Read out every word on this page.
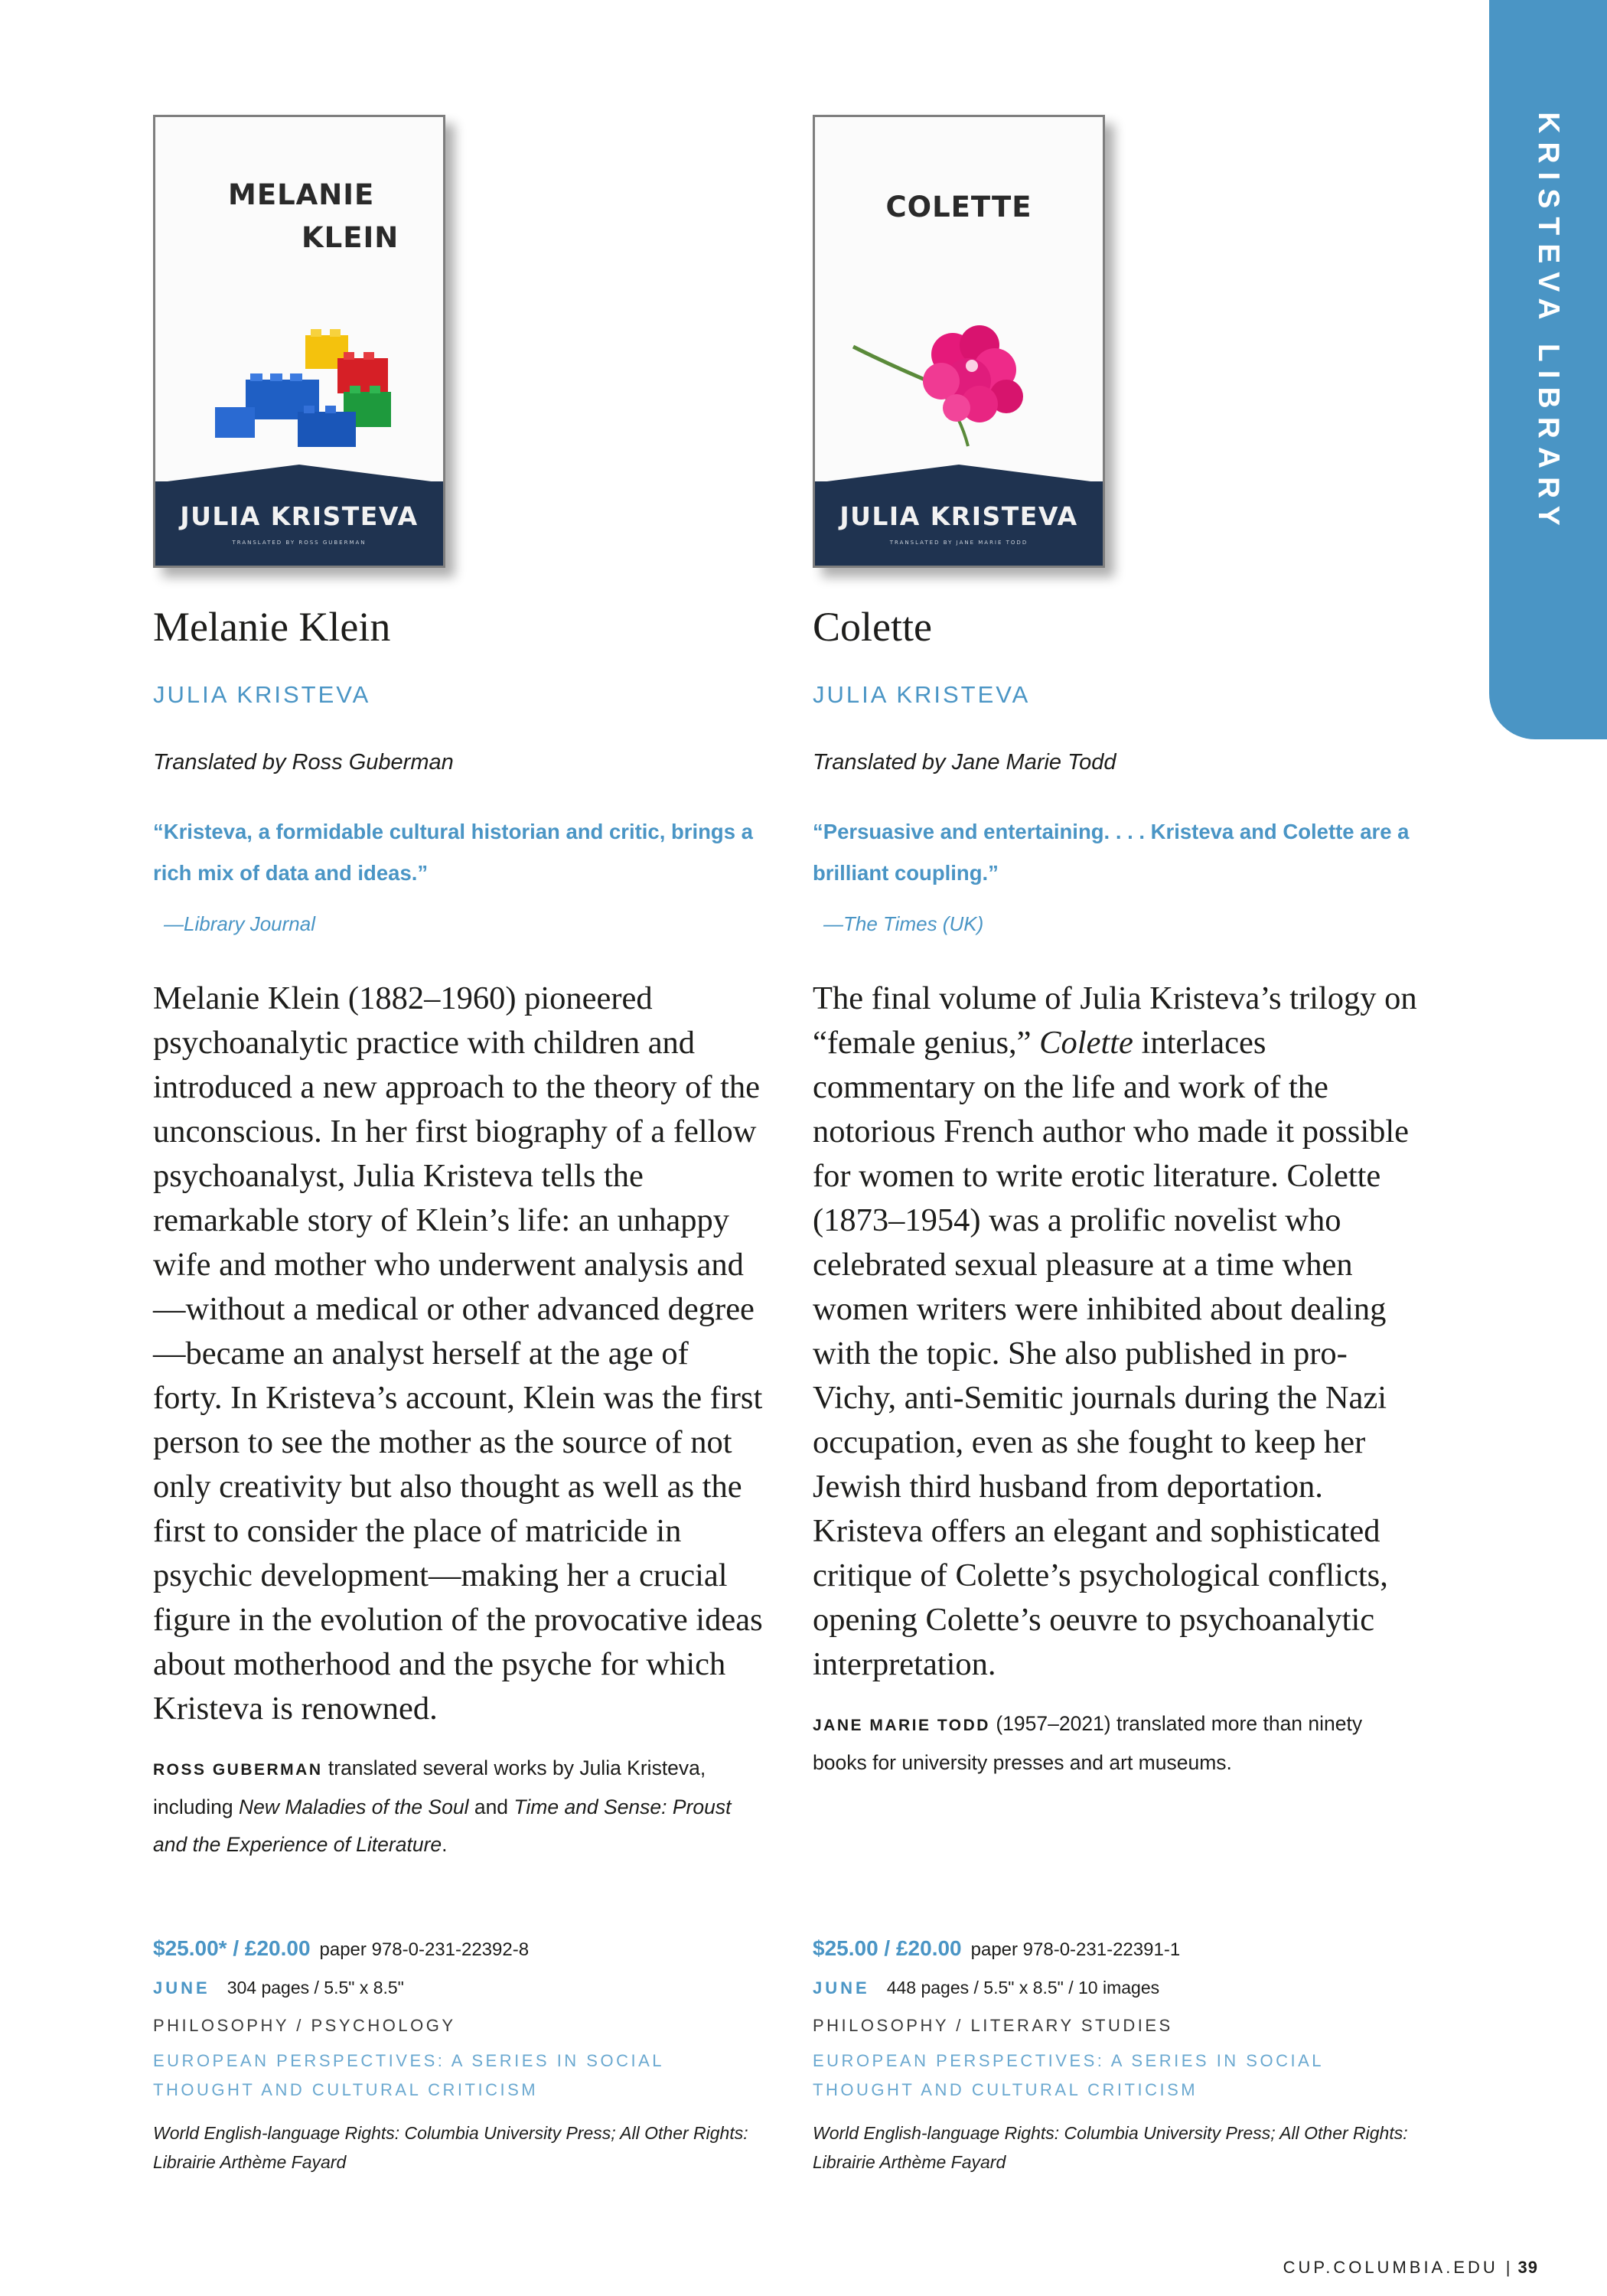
KRISTEVA LIBRARY
MELANIE
KLEIN
JULIA KRISTEVA
TRANSLATED BY ROSS GUBERMAN
Melanie Klein
JULIA KRISTEVA
Translated by Ross Guberman
“Kristeva, a formidable cultural historian and critic, brings a rich mix of data and ideas.”
—Library Journal
Melanie Klein (1882–1960) pioneered psychoanalytic practice with children and introduced a new approach to the theory of the unconscious. In her first biography of a fellow psychoanalyst, Julia Kristeva tells the remarkable story of Klein’s life: an unhappy wife and mother who underwent analysis and—without a medical or other advanced degree—became an analyst herself at the age of forty. In Kristeva’s account, Klein was the first person to see the mother as the source of not only creativity but also thought as well as the first to consider the place of matricide in psychic development—making her a crucial figure in the evolution of the provocative ideas about motherhood and the psyche for which Kristeva is renowned.
ROSS GUBERMAN translated several works by Julia Kristeva, including New Maladies of the Soul and Time and Sense: Proust and the Experience of Literature.
$25.00* / £20.00 paper 978-0-231-22392-8
JUNE 304 pages / 5.5" x 8.5"
PHILOSOPHY / PSYCHOLOGY
EUROPEAN PERSPECTIVES: A SERIES IN SOCIAL THOUGHT AND CULTURAL CRITICISM
World English-language Rights: Columbia University Press; All Other Rights: Librairie Arthème Fayard
COLETTE
JULIA KRISTEVA
TRANSLATED BY JANE MARIE TODD
Colette
JULIA KRISTEVA
Translated by Jane Marie Todd
“Persuasive and entertaining. . . . Kristeva and Colette are a brilliant coupling.”
—The Times (UK)
The final volume of Julia Kristeva’s trilogy on “female genius,” Colette interlaces commentary on the life and work of the notorious French author who made it possible for women to write erotic literature. Colette (1873–1954) was a prolific novelist who celebrated sexual pleasure at a time when women writers were inhibited about dealing with the topic. She also published in pro-Vichy, anti-Semitic journals during the Nazi occupation, even as she fought to keep her Jewish third husband from deportation. Kristeva offers an elegant and sophisticated critique of Colette’s psychological conflicts, opening Colette’s oeuvre to psychoanalytic interpretation.
JANE MARIE TODD (1957–2021) translated more than ninety books for university presses and art museums.
$25.00 / £20.00 paper 978-0-231-22391-1
JUNE 448 pages / 5.5" x 8.5" / 10 images
PHILOSOPHY / LITERARY STUDIES
EUROPEAN PERSPECTIVES: A SERIES IN SOCIAL THOUGHT AND CULTURAL CRITICISM
World English-language Rights: Columbia University Press; All Other Rights: Librairie Arthème Fayard
CUP.COLUMBIA.EDU | 39
